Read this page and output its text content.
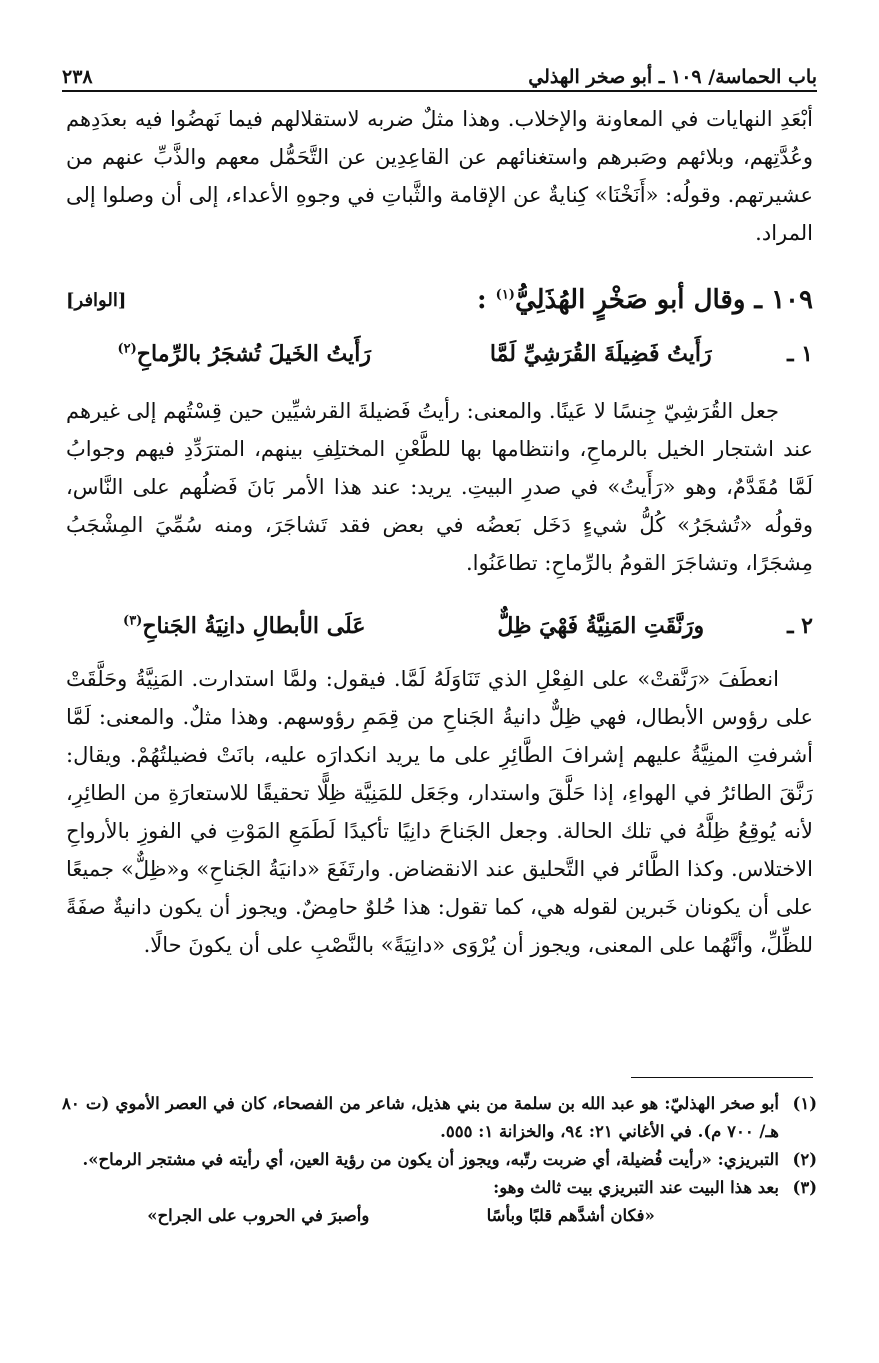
باب الحماسة/ ١٠٩ ـ أبو صخر الهذلي
٢٣٨

أبْعَدِ النهايات في المعاونة والإخلاب. وهذا مثلٌ ضربه لاستقلالهم فيما نَهضُوا فيه بعدَدِهم وعُدَّتِهم، وبلائهم وصَبرهم واستغنائهم عن القاعِدِين عن التَّحَمُّل معهم والذَّبِّ عنهم من عشيرتهم. وقولُه: «أَنَخْنَا» كِنايةٌ عن الإقامة والثَّباتِ في وجوهِ الأعداء، إلى أن وصلوا إلى المراد.

١٠٩ ـ وقال أبو صَخْرٍ الهُذَلِيُّ$^{(١)}$ :
[الوافر]
١ ـ
رَأَيتُ فَضِيلَةَ القُرَشِيِّ لَمَّا
رَأَيتُ الخَيلَ تُشجَرُ بالرِّماحِ$^{(٢)}$

جعل القُرَشِيّ جِنسًا لا عَينًا. والمعنى: رأيتُ فَضيلةَ القرشيِّين حين قِسْتُهم إلى غيرهم عند اشتجار الخيل بالرماحِ، وانتظامها بها للطَّعْنِ المختلِفِ بينهم، المترَدِّدِ فيهم وجوابُ لَمَّا مُقَدَّمٌ، وهو «رَأَيتُ» في صدرِ البيتِ. يريد: عند هذا الأمر بَانَ فَضلُهم على النَّاس، وقولُه «تُشجَرُ» كُلُّ شيءٍ دَخَل بَعضُه في بعض فقد تَشاجَرَ، ومنه سُمِّيَ المِشْجَبُ مِشجَرًا، وتشاجَرَ القومُ بالرِّماحِ: تطاعَنُوا.

٢ ـ
ورَنَّقَتِ المَنِيَّةُ فَهْيَ ظِلٌّ
عَلَى الأبطالِ دانِيَةُ الجَناحِ$^{(٣)}$

انعطَفَ «رَنَّقتْ» على الفِعْلِ الذي تَنَاوَلَهُ لَمَّا. فيقول: ولمَّا استدارت. المَنِيَّةُ وحَلَّقَتْ على رؤوس الأبطال، فهي ظِلٌّ دانيةُ الجَناحِ من قِمَمِ رؤوسهم. وهذا مثلٌ. والمعنى: لَمَّا أشرفتِ المنِيَّةُ عليهم إشرافَ الطَّائِرِ على ما يريد انكدارَه عليه، بانَتْ فضيلتُهُمْ. ويقال: رَنَّقَ الطائرُ في الهواءِ، إذا حَلَّقَ واستدار، وجَعَل للمَنِيَّة ظِلًّا تحقيقًا للاستعارَةِ من الطائِرِ، لأنه يُوقِعُ ظِلَّهُ في تلك الحالة. وجعل الجَناحَ دانِيًا تأكيدًا لَطَمَعِ المَوْتِ في الفوزِ بالأرواحِ الاختلاس. وكذا الطَّائر في التَّحليق عند الانقضاض. وارتَفَعَ «دانيَةُ الجَناحِ» و«ظِلٌّ» جميعًا على أن يكونان خَبرين لقوله هي، كما تقول: هذا حُلوٌ حامِضٌ. ويجوز أن يكون دانيةٌ صفَةً للظِّلِّ، وأنَّهُما على المعنى، ويجوز أن يُرْوَى «دانِيَةً» بالنَّصْبِ على أن يكونَ حالًا.

(١)
أبو صخر الهذليّ: هو عبد الله بن سلمة من بني هذيل، شاعر من الفصحاء، كان في العصر الأموي (ت ٨٠ هـ/ ٧٠٠ م). في الأغاني ٢١: ٩٤، والخزانة ١: ٥٥٥.
(٢)
التبريزي: «رأيت فُضيلة، أي ضربت رتّبه، ويجوز أن يكون من رؤية العين، أي رأيته في مشتجر الرماح».
(٣)
بعد هذا البيت عند التبريزي بيت ثالث وهو:
«فكان أشدَّهم قلبًا وبأسًا
وأصبرَ في الحروب على الجراح»
